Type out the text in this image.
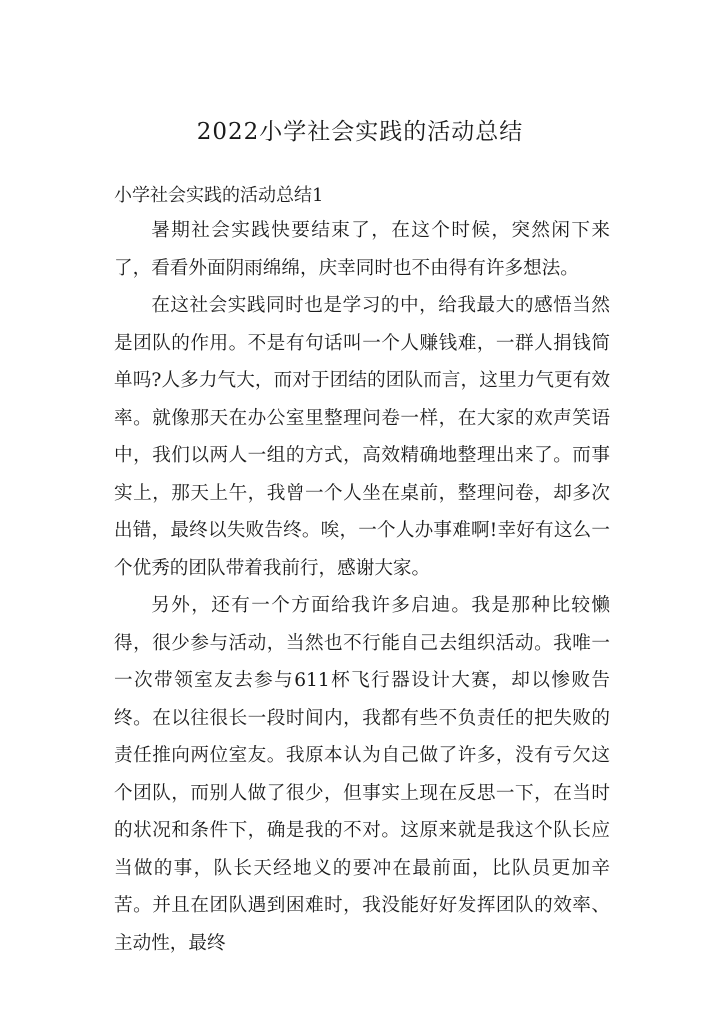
2022小学社会实践的活动总结
小学社会实践的活动总结1

暑期社会实践快要结束了，在这个时候，突然闲下来了，看看外面阴雨绵绵，庆幸同时也不由得有许多想法。

在这社会实践同时也是学习的中，给我最大的感悟当然是团队的作用。不是有句话叫一个人赚钱难，一群人捐钱简单吗?人多力气大，而对于团结的团队而言，这里力气更有效率。就像那天在办公室里整理问卷一样，在大家的欢声笑语中，我们以两人一组的方式，高效精确地整理出来了。而事实上，那天上午，我曾一个人坐在桌前，整理问卷，却多次出错，最终以失败告终。唉，一个人办事难啊!幸好有这么一个优秀的团队带着我前行，感谢大家。

另外，还有一个方面给我许多启迪。我是那种比较懒得，很少参与活动，当然也不行能自己去组织活动。我唯一一次带领室友去参与611杯飞行器设计大赛，却以惨败告终。在以往很长一段时间内，我都有些不负责任的把失败的责任推向两位室友。我原本认为自己做了许多，没有亏欠这个团队，而别人做了很少，但事实上现在反思一下，在当时的状况和条件下，确是我的不对。这原来就是我这个队长应当做的事，队长天经地义的要冲在最前面，比队员更加辛苦。并且在团队遇到困难时，我没能好好发挥团队的效率、主动性，最终
